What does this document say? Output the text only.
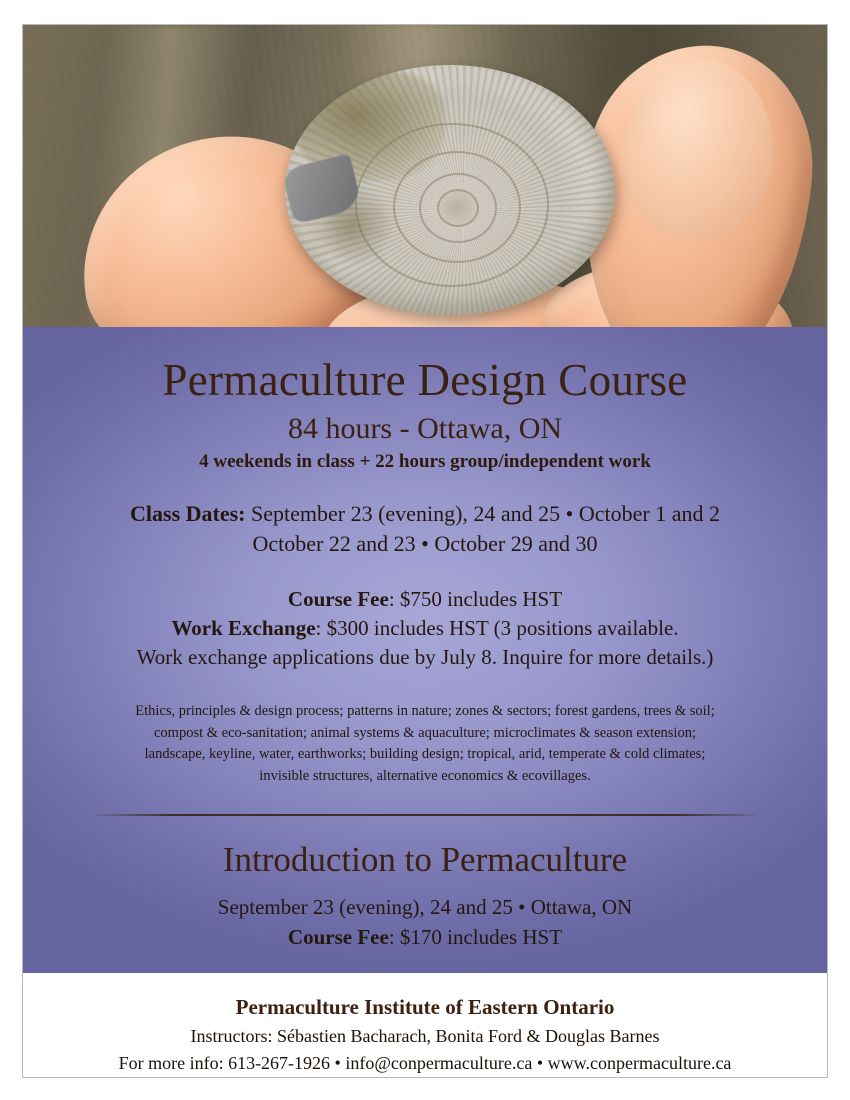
Permaculture Design Course
84 hours - Ottawa, ON
4 weekends in class + 22 hours group/independent work
Class Dates: September 23 (evening), 24 and 25 • October 1 and 2
October 22 and 23 • October 29 and 30
Course Fee: $750 includes HST
Work Exchange: $300 includes HST (3 positions available.
Work exchange applications due by July 8. Inquire for more details.)
Ethics, principles & design process; patterns in nature; zones & sectors; forest gardens, trees & soil;
compost & eco-sanitation; animal systems & aquaculture; microclimates & season extension;
landscape, keyline, water, earthworks; building design; tropical, arid, temperate & cold climates;
invisible structures, alternative economics & ecovillages.
Introduction to Permaculture
September 23 (evening), 24 and 25 • Ottawa, ON
Course Fee: $170 includes HST
Permaculture Institute of Eastern Ontario
Instructors: Sébastien Bacharach, Bonita Ford & Douglas Barnes
For more info: 613-267-1926 • info@conpermaculture.ca • www.conpermaculture.ca
